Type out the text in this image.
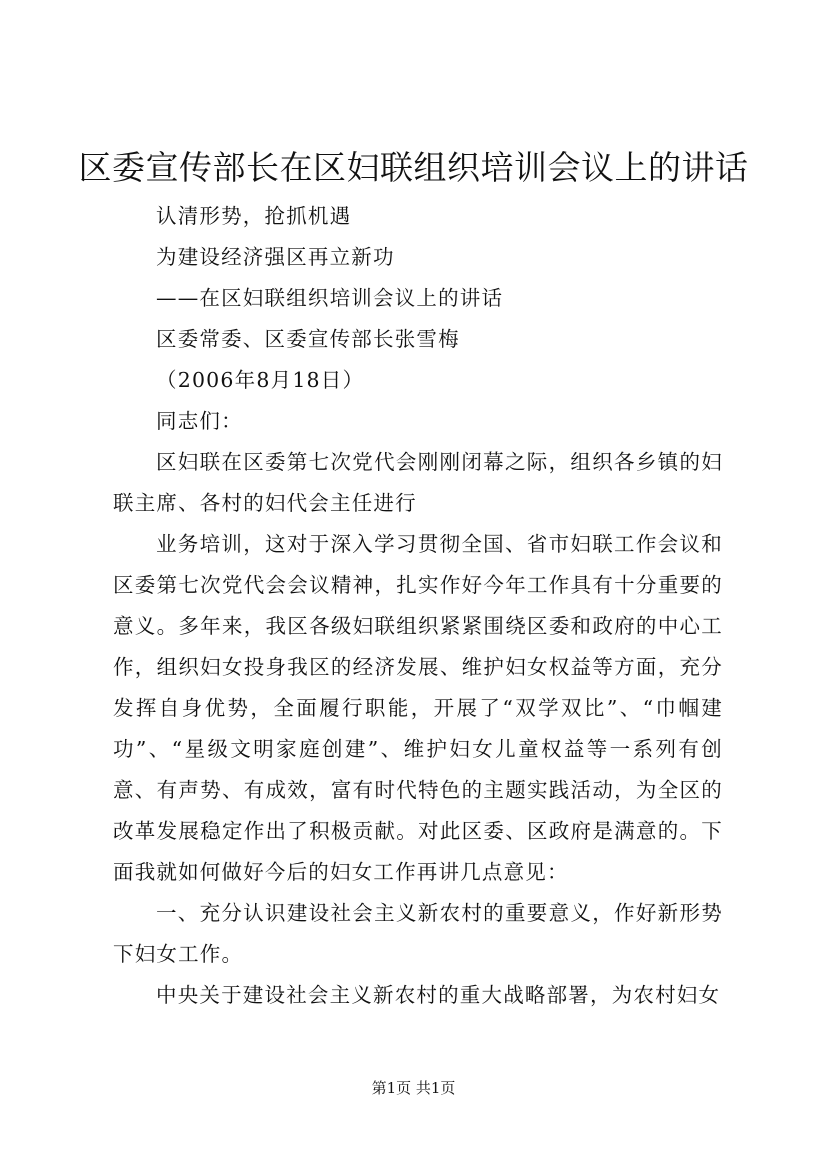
区委宣传部长在区妇联组织培训会议上的讲话

认清形势，抢抓机遇

为建设经济强区再立新功

——在区妇联组织培训会议上的讲话

区委常委、区委宣传部长张雪梅

（2006年8月18日）

同志们：

区妇联在区委第七次党代会刚刚闭幕之际，组织各乡镇的妇联主席、各村的妇代会主任进行

业务培训，这对于深入学习贯彻全国、省市妇联工作会议和区委第七次党代会会议精神，扎实作好今年工作具有十分重要的意义。多年来，我区各级妇联组织紧紧围绕区委和政府的中心工作，组织妇女投身我区的经济发展、维护妇女权益等方面，充分发挥自身优势，全面履行职能，开展了“双学双比”、“巾帼建功”、“星级文明家庭创建”、维护妇女儿童权益等一系列有创意、有声势、有成效，富有时代特色的主题实践活动，为全区的改革发展稳定作出了积极贡献。对此区委、区政府是满意的。下面我就如何做好今后的妇女工作再讲几点意见：

一、充分认识建设社会主义新农村的重要意义，作好新形势下妇女工作。

中央关于建设社会主义新农村的重大战略部署，为农村妇女

第1页 共1页
